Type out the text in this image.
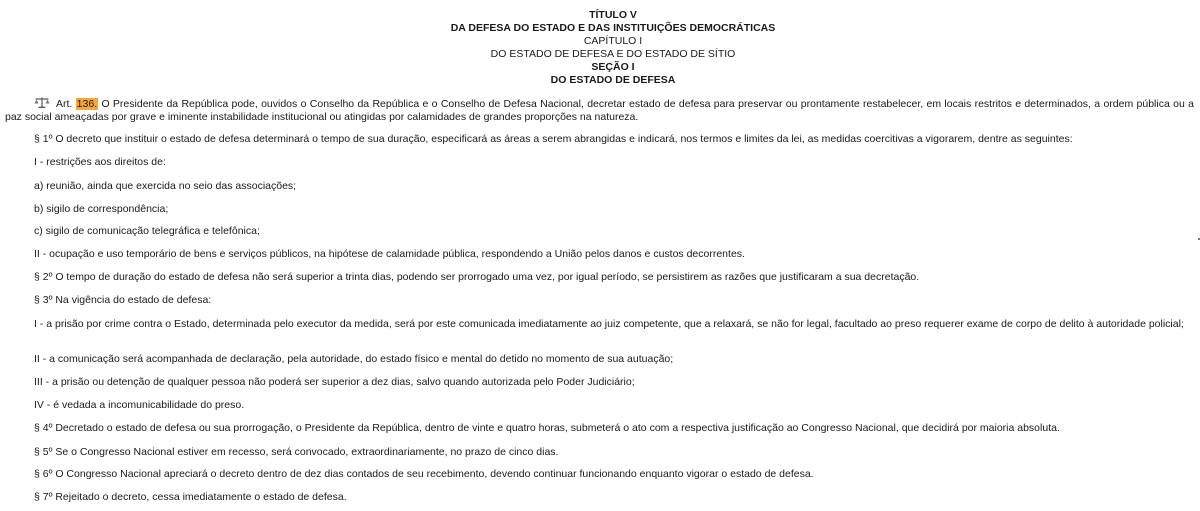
TÍTULO V
DA DEFESA DO ESTADO E DAS INSTITUIÇÕES DEMOCRÁTICAS
CAPÍTULO I
DO ESTADO DE DEFESA E DO ESTADO DE SÍTIO
SEÇÃO I
DO ESTADO DE DEFESA
Art. 136. O Presidente da República pode, ouvidos o Conselho da República e o Conselho de Defesa Nacional, decretar estado de defesa para preservar ou prontamente restabelecer, em locais restritos e determinados, a ordem pública ou a paz social ameaçadas por grave e iminente instabilidade institucional ou atingidas por calamidades de grandes proporções na natureza.
§ 1º O decreto que instituir o estado de defesa determinará o tempo de sua duração, especificará as áreas a serem abrangidas e indicará, nos termos e limites da lei, as medidas coercitivas a vigorarem, dentre as seguintes:
I - restrições aos direitos de:
a) reunião, ainda que exercida no seio das associações;
b) sigilo de correspondência;
c) sigilo de comunicação telegráfica e telefônica;
II - ocupação e uso temporário de bens e serviços públicos, na hipótese de calamidade pública, respondendo a União pelos danos e custos decorrentes.
§ 2º O tempo de duração do estado de defesa não será superior a trinta dias, podendo ser prorrogado uma vez, por igual período, se persistirem as razões que justificaram a sua decretação.
§ 3º Na vigência do estado de defesa:
I - a prisão por crime contra o Estado, determinada pelo executor da medida, será por este comunicada imediatamente ao juiz competente, que a relaxará, se não for legal, facultado ao preso requerer exame de corpo de delito à autoridade policial;
II - a comunicação será acompanhada de declaração, pela autoridade, do estado físico e mental do detido no momento de sua autuação;
III - a prisão ou detenção de qualquer pessoa não poderá ser superior a dez dias, salvo quando autorizada pelo Poder Judiciário;
IV - é vedada a incomunicabilidade do preso.
§ 4º Decretado o estado de defesa ou sua prorrogação, o Presidente da República, dentro de vinte e quatro horas, submeterá o ato com a respectiva justificação ao Congresso Nacional, que decidirá por maioria absoluta.
§ 5º Se o Congresso Nacional estiver em recesso, será convocado, extraordinariamente, no prazo de cinco dias.
§ 6º O Congresso Nacional apreciará o decreto dentro de dez dias contados de seu recebimento, devendo continuar funcionando enquanto vigorar o estado de defesa.
§ 7º Rejeitado o decreto, cessa imediatamente o estado de defesa.
